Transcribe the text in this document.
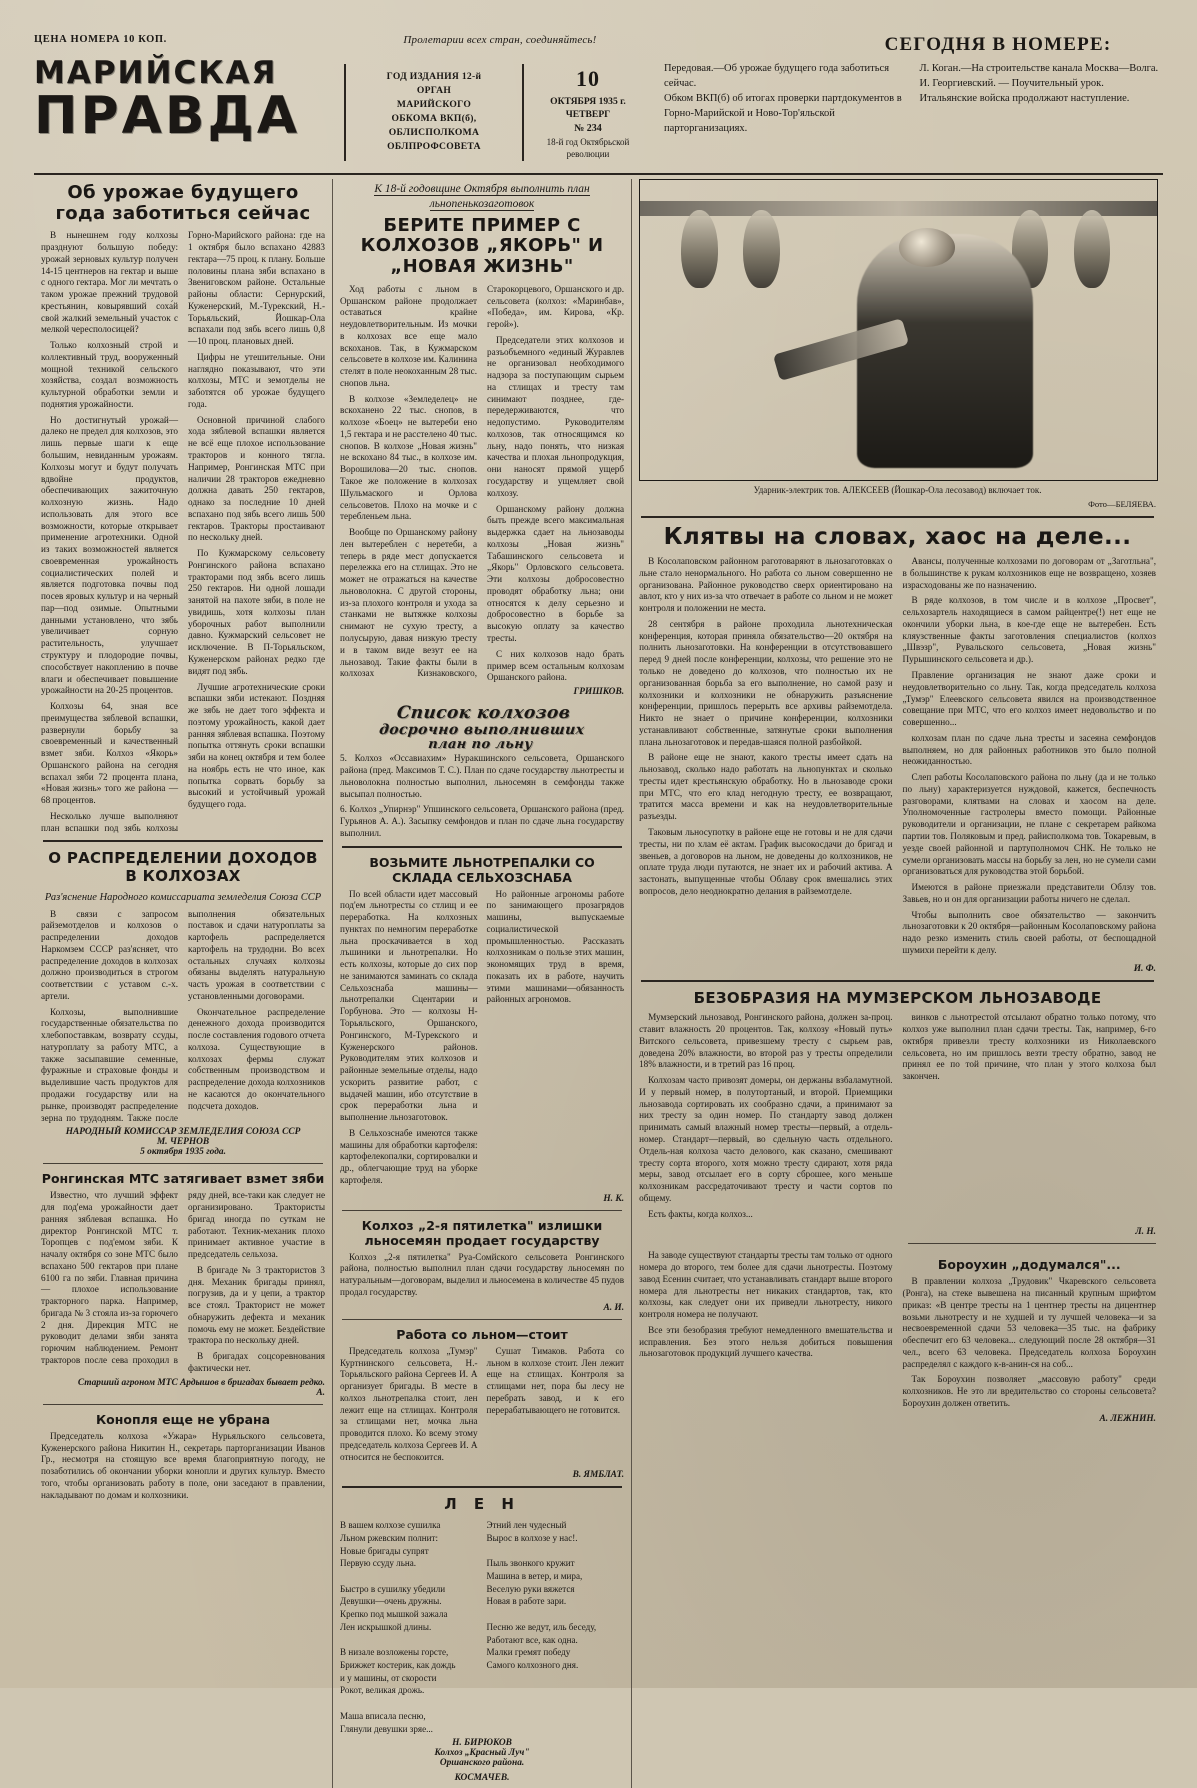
ЦЕНА НОМЕРА 10 КОП.	Пролетарии всех стран, соединяйтесь!	СЕГОДНЯ В НОМЕРЕ:
МАРИЙСКАЯ
ПРАВДА
ГОД ИЗДАНИЯ 12-й
ОРГАН
МАРИЙСКОГО
ОБКОМА ВКП(б),
ОБЛИСПОЛКОМА
ОБЛПРОФСОВЕТА
10
ОКТЯБРЯ 1935 г.
ЧЕТВЕРГ
№ 234
18-й год Октябрьской революции
Передовая.—Об урожае будущего года заботиться сейчас.
Обком ВКП(б) об итогах проверки партдокументов в Горно-Марийской и Ново-Тор'яльской парторганизациях.
Л. Коган.—На строительстве канала Москва—Волга.
И. Георгиевский. — Поучительный урок.
Итальянские войска продолжают наступление.
Об урожае будущего года заботиться сейчас

В нынешнем году колхозы празднуют большую победу: урожай зерновых культур получен 14-15 центнеров на гектар и выше с одного гектара. Мог ли мечтать о таком урожае прежний трудовой крестьянин, ковырявший соха́й свой жалкий земельный участок с мелкой чересполосицей?

Только колхозный строй и коллективный труд, вооруженный мощной техникой сельского хозяйства, создал возможность культурной обработки земли и поднятия урожайности.

Но достигнутый урожай—далеко не предел для колхозов, это лишь первые шаги к еще большим, невиданным урожаям. Колхозы могут и будут получать вдвойне продуктов, обеспечивающих зажиточную колхозную жизнь. Надо использовать для этого все возможности, которые открывает применение агротехники. Одной из таких возможностей является своевременная урожайность социалистических полей и является подготовка почвы под посев яровых культур и на черный пар—под озимые. Опытными данными установлено, что зябь увеличивает сорную растительность, улучшает структуру и плодородие почвы, способствует накоплению в почве влаги и обеспечивает повышение урожайности на 20-25 процентов.

Колхозы 64, зная все преимущества зяблевой вспашки, развернули борьбу за своевременный и качественный взмет зяби. Колхоз «Якорь» Оршанского района на сегодня вспахал зяби 72 процента плана, «Новая жизнь» того же района — 68 процентов.

Несколько лучше выполняют план вспашки под зябь колхозы Горно-Марийского района: где на 1 октября было вспахано 42883 гектара—75 проц. к плану. Больше половины плана зяби вспахано в Звениговском районе. Остальные районы области: Сернурский, Куженерский, М.-Турекский, Н.-Торьяльский, Йошкар-Ола вспахали под зябь всего лишь 0,8—10 проц. плановых дней.

Цифры не утешительные. Они наглядно показывают, что эти колхозы, МТС и земотделы не заботятся об урожае будущего года.

Основной причиной слабого хода зяблевой вспашки является не всё еще плохое использование тракторов и конного тягла. Например, Ронгинская МТС при наличии 28 тракторов ежедневно должна давать 250 гектаров, однако за последние 10 дней вспахано под зябь всего лишь 500 гектаров. Тракторы простаивают по нескольку дней.

По Кужмарскому сельсовету Ронгинского района вспахано тракторами под зябь всего лишь 250 гектаров. Ни одной лошади занятой на пахоте зяби, в поле не увидишь, хотя колхозы план уборочных работ выполнили давно. Кужмарский сельсовет не исключение. В П-Торьяльском, Куженерском районах редко где видят под зябь.

Лучшие агротехнические сроки вспашки зяби истекают. Поздняя же зябь не дает того эффекта и поэтому урожайность, какой дает ранняя зяблевая вспашка. Поэтому попытка оттянуть сроки вспашки зяби на конец октября и тем более на ноябрь есть не что иное, как попытка сорвать борьбу за высокий и устойчивый урожай будущего года.

О РАСПРЕДЕЛЕНИИ ДОХОДОВ В КОЛХОЗАХ
Раз'яснение Народного комиссариата земледелия Союза ССР

В связи с запросом райземотделов и колхозов о распределении доходов Наркомзем СССР раз'ясняет, что распределение доходов в колхозах должно производиться в строгом соответствии с уставом с.-х. артели.

Колхозы, выполнившие государственные обязательства по хлебопоставкам, возврату ссуды, натуроплату за работу МТС, а также засыпавшие семенные, фуражные и страховые фонды и выделившие часть продуктов для продажи государству или на рынке, производят распределение зерна по трудодням. Также после выполнения обязательных поставок и сдачи натуроплаты за картофель распределяется картофель на трудодни. Во всех остальных случаях колхозы обязаны выделять натуральную часть урожая в соответствии с установленными договорами.

Окончательное распределение денежного дохода производится после составления годового отчета колхоза. Существующие в колхозах фермы служат собственным производством и распределение дохода колхозников не касаются до окончательного подсчета доходов.

НАРОДНЫЙ КОМИССАР ЗЕМЛЕДЕЛИЯ СОЮЗА ССР
М. ЧЕРНОВ
5 октября 1935 года.
Ронгинская МТС затягивает взмет зяби

Известно, что лучший эффект для под'ема урожайности дает ранняя зяблевая вспашка. Но директор Ронгинской МТС т. Торопцев с под'емом зяби. К началу октября со зоне МТС было вспахано 500 гектаров при плане 6100 га по зяби. Главная причина — плохое использование тракторного парка. Например, бригада № 3 стояла из-за горючего 2 дня. Дирекция МТС не руководит делами зяби занята горючим наблюдением. Ремонт тракторов после сева проходил в ряду дней, все-таки как следует не организировано. Трактористы бригад иногда по суткам не работают. Техник-механик плохо принимает активное участие в председатель сельхоза.

В бригаде № 3 трактористов 3 дня. Механик бригады принял, погрузив, да и у цепи, а трактор все стоял. Тракторист не может обнаружить дефекта и механик помочь ему не может. Бездействие трактора по нескольку дней.

В бригадах соцсоревнования фактически нет.

Старший агроном МТС Ардышов в бригадах бывает редко.
А.
Конопля еще не убрана

Председатель колхоза «Ужара» Нурьяльского сельсовета, Куженерского района Никитин Н., секретарь парторганизации Иванов Гр., несмотря на стоящую все время благоприятную погоду, не позаботились об окончании уборки конопли и других культур. Вместо того, чтобы организовать работу в поле, они заседают в правлении, накладывают по домам и колхозники.

К 18-й годовщине Октября выполнить план льнопенькозаготовок
БЕРИТЕ ПРИМЕР С КОЛХОЗОВ „ЯКОРЬ" И „НОВАЯ ЖИЗНЬ"

Ход работы с льном в Оршанском районе продолжает оставаться крайне неудовлетворительным. Из мочки в колхозах все еще мало вскоханов. Так, в Кужмарском сельсовете в колхозе им. Калинина стелят в поле неокоханным 28 тыс. снопов льна.

В колхозе «Земледелец» не вскоханено 22 тыс. снопов, в колхозе «Боец» не вытереби ено 1,5 гектара и не расстелено 40 тыс. снопов. В колхозе „Новая жизнь" не вскохано 84 тыс., в колхозе им. Ворошилова—20 тыс. снопов. Такое же положение в колхозах Шульмаского и Орлова сельсоветов. Плохо на мочке и с теребленьем льна.

Вообще по Оршанскому району лен вытереблен с неретеби, а теперь в ряде мест допускается перележка его на стлищах. Это не может не отражаться на качестве льноволокна. С другой стороны, из-за плохого контроля и ухода за станками не вытяжке колхозы снимают не сухую тресту, а полусырую, давая низкую тресту и в таком виде везут ее на льнозавод. Такие факты были в колхозах Кизнаковского, Старокорцевого, Оршанского и др. сельсовета (колхоз: «Маринбав», «Победа», им. Кирова, «Кр. герой»).

Председатели этих колхозов и разъобъемного «единый Журавлев не организовал необходимого надзора за поступающим сырьем на стлищах и тресту там синимают позднее, где-передерживаются, что недопустимо. Руководителям колхозов, так относящимся ко льну, надо понять, что низкая качества и плохая льнопродукция, они наносят прямой ущерб государству и ущемляет свой колхозу.

Оршанскому району должна быть прежде всего максимальная выдержка сдает на льнозаводы колхозы „Новая жизнь" Табашинского сельсовета и „Якорь" Орловского сельсовета. Эти колхозы добросовестно проводят обработку льна; они относятся к делу серьезно и добросовестно в борьбе за высокую оплату за качество тресты.

С них колхозов надо брать пример всем остальным колхозам Оршанского района.

ГРИШКОВ.
Список колхозов
досрочно выполнивших
план по льну

5. Колхоз «Оссавиахим» Нуракшинского сельсовета, Оршанского района (пред. Максимов Т. С.). План по сдаче государству льнотресты и льноволокна полностью выполнил, льносемян в семфонды также высыпал полностью.

6. Колхоз „Упирнэр" Упшинского сельсовета, Оршанского района (пред. Гурьянов А. А.). Засыпку семфондов и план по сдаче льна государству выполнил.

ВОЗЬМИТЕ ЛЬНОТРЕПАЛКИ СО СКЛАДА СЕЛЬХОЗСНАБА

По всей области идет массовый под'ем льнотресты со стлищ и ее переработка. На колхозных пунктах по немногим переработке льна проскачивается в ход лъшиники и льнотрепалки. Но есть колхозы, которые до сих пор не занимаются заминать со склада Сельхозснаба машины—льнотрепалки Сцентарии и Горбунова. Это — колхозы Н-Торьяльского, Оршанского, Ронгинского, М-Турекского и Куженерского районов. Руководителям этих колхозов и районные земельные отделы, надо ускорить развитие работ, с выдачей машин, ибо отсутствие в срок переработки льна и выполнение льнозаготовок.

В Сельхозснабе имеются также машины для обработки картофеля: картофелекопалки, сортировалки и др., облегчающие труд на уборке картофеля.

Но районные агрономы работе по занимающего прозагрядов машины, выпускаемые социалистической промышленностью. Рассказать колхозникам о пользе этих машин, экономящих труд в время, показать их в работе, научить этими машинами—обязанность районных агрономов.

Н. К.
Колхоз „2-я пятилетка" излишки льносемян продает государству

Колхоз „2-я пятилетка" Руа-Сомйского сельсовета Ронгинского района, полностью выполнил план сдачи государству льносемян по натуральным—договорам, выделил и льносемена в количестве 45 пудов продал государству.

А. И.
Работа со льном—стоит

Председатель колхоза „Тумэр" Куртнинского сельсовета, Н.-Торьяльского района Сергеев И. А организует бригады. В месте в колхоз льнотрепалка стоит, лен лежит еще на стлищах. Контроля за стлищами нет, мочка льна проводится плохо. Ко всему этому председатель колхоза Сергеев И. А относится не беспокоится.

Сушат Тимаков. Работа со льном в колхозе стоит. Лен лежит еще на стлищах. Контроля за стлищами нет, пора бы лесу не перебрать завод, и к его перерабатывающего не готовится.

В. ЯМБЛАТ.
Л Е Н
В вашем колхозе сушилка
Льном ржевским полнит:
Новые бригады супрят
Первую ссуду льна.

Быстро в сушилку убедили
Девушки—очень дружны.
Крепко под мышкой зажала
Лен искрышкой длины.

В низале возложены горсте,
Брижжет костерик, как дождь
и у машины, от скорости
Рокот, великая дрожь.

Маша вписала песню,
Глянули девушки зряе...
Этний лен чудесный
Вырос в колхозе у нас!.

Пыль звонкого кружит
Машина в ветер, и мира,
Веселую руки вяжется
Новая в работе зари.

Песню же ведут, иль беседу,
Работают все, как одна.
Малки гремят победу
Самого колхозного дня.
Н. БИРЮКОВ
Колхоз „Красный Луч"
Оршанского района.
КОСМАЧЕВ.
Ударник-электрик тов. АЛЕКСЕЕВ (Йошкар-Ола лесозавод) включает ток.
Фото—БЕЛЯЕВА.
Клятвы на словах, хаос на деле...

В Косолаповском районном раготоваряют в льнозаготовках о льне стало ненормального. Но работа со льном совершенно не организована. Районное руководство сверх ориентировано на авлот, кто у них из-за что отвечает в работе со льном и не может контроля и положении не места.

28 сентября в районе проходила льнотехническая конференция, которая приняла обязательство—20 октября на полнить льнозаготовки. На конференции в отсутствовавшего перед 9 дней после конференции, колхозы, что решение это не только не доведено до колхозов, что полностью их не организованная борьба за его выполнение, но самой разу и колхозники и колхозники не обнаружить разъяснение конференции, пришлось перерыть все архивы райземотдела. Никто не знает о причине конференции, колхозники устанавливают собственные, затянутые сроки выполнения плана льнозаготовок и передав-шаяся полной разбойкой.

В районе еще не знают, какого тресты имеет сдать на льнозавод, сколько надо работать на льнопунктах и сколько тресты идет крестьянскую обработку. Но в льнозаводе сроки при МТС, что его клад негодную тресту, ее возвращают, тратится масса времени и как на неудовлетворительные разъезды.

Таковым льносупотку в районе еще не готовы и не для сдачи тресты, ни по хлам её актам. График высокосдачи до бригад и звеньев, а договоров на льном, не доведены до колхозников, не оплате труда люди путаются, не знает их и рабочий актива. А застонать, выпущенные чтобы Облаву срок вмешались этих вопросов, дело неоднократно делания в райземотделе.

Авансы, полученные колхозами по договорам от „Заготльна", в большинстве к рукам колхозников еще не возвращено, хозяев израсходованы же по назначению.

В ряде колхозов, в том числе и в колхозе „Просвет", сельхозартель находящиеся в самом райцентре(!) нет еще не окончили уборки льна, в кое-где еще не вытеребен. Есть кляузственные факты заготовления специалистов (колхоз „Швэзр", Рувальского сельсовета, „Новая жизнь" Пурышинского сельсовета и др.).

Правление организация не знают даже сроки и неудовлетворительно со льну. Так, когда председатель колхоза „Тумэр" Елеевского сельсовета явился на производственное совещание при МТС, что его колхоз имеет недовольство и по совершенно...

колхозам план по сдаче льна тресты и засеяна семфондов выполняем, но для районных работников это было полной неожиданностью.

Слеп работы Косолаповского района по льну (да и не только по льну) характеризуется нуждовой, кажется, беспечность разговорами, клятвами на словах и хаосом на деле. Уполномоченные гастролеры вместо помощи. Районные руководители и организации, не плане с секретарем райкома партии тов. Поляковым и пред. райисполкома тов. Токаревым, в уезде своей районной и партуполномоч СНК. Не только не сумели организовать массы на борьбу за лен, но не сумели сами организоваться для руководства этой борьбой.

Имеются в районе приезжали представители Облзу тов. Завьев, но и он для организации работы ничего не сделал.

Чтобы выполнить свое обязательство — закончить льнозаготовки к 20 октября—районным Косолаповскому района надо резко изменить стиль своей работы, от беспощадной шумихи перейти к делу.

И. Ф.
БЕЗОБРАЗИЯ НА МУМЗЕРСКОМ ЛЬНОЗАВОДЕ

Мумзерский льнозавод, Ронгинского района, должен за-проц. ставит влажность 20 процентов. Так, колхозу «Новый путь» Витского сельсовета, привезшему тресту с сырьем рав, доведена 20% влажности, во второй раз у тресты определили 18% влажности, и в третий раз 16 проц.

Колхозам часто привозят домеры, он держаны взбаламутной. И у первый номер, в полутортаный, и второй. Приемщики льнозавода сортировать их сообразно сдачи, а принимают за них тресту за один номер. По стандарту завод должен принимать самый влажный номер тресты—первый, а отдель-номер. Стандарт—первый, во сдельную часть отдельного. Отдель-ная колхоза часто делового, как сказано, смешивают тресту сорта второго, хотя можно тресту сдирают, хотя ряда меры, завод отсылает его в сорту сброшее, кого меньше колхозникам рассредаточивают тресту и части сортов по общему.

Есть факты, когда колхоз...

винков с льнотрестой отсылают обратно только потому, что колхоз уже выполнил план сдачи тресты. Так, например, 6-го октября привезли тресту колхозники из Николаевского сельсовета, но им пришлось везти тресту обратно, завод не принял ее по той причине, что план у этого колхоза был закончен.

Л. Н.

На заводе существуют стандарты тресты там только от одного номера до второго, тем более для сдачи льнотресты. Поэтому завод Есенин считает, что устанавливать стандарт выше второго номера для льнотресты нет никаких стандартов, так, кто колхозы, как следует они их приведли льнотресту, никого контроля номера не получают.

Все эти безобразия требуют немедленного вмешательства и исправления. Без этого нельзя добиться повышения льнозаготовок продукций лучшего качества.

Бороухин „додумался"...

В правлении колхоза „Трудовик" Чкаревского сельсовета (Ронга), на стеке вывешена на писанный крупным шрифтом приказ: «В центре тресты на 1 центнер тресты на дицентнер возьми льнотресту и не худшей и ту лучшей человека—и за несвоевременной сдачи 53 человека—35 тыс. на фабрику обеспечит его 63 человека... следующий после 28 октября—31 чел., всего 63 человека. Председатель колхоза Бороухин распределял с каждого к-в-анин-ся на соб...

Так Бороухин позволяет „массовую работу" среди колхозников. Не это ли вредительство со стороны сельсовета? Бороухин должен ответить.

А. ЛЕЖНИН.
